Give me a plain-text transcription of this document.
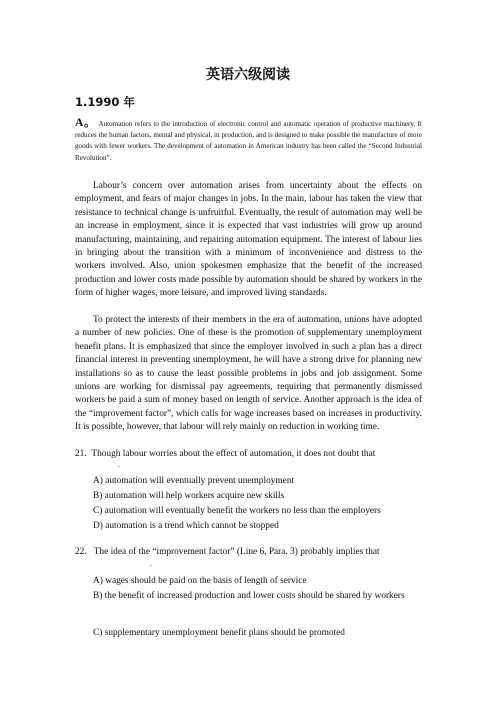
英语六级阅读
1.1990 年
A。 Automation refers to the introduction of electronic control and automatic operation of productive machinery. It reduces the human factors, mental and physical, in production, and is designed to make possible the manufacture of more goods with fewer workers. The development of automation in American industry has been called the “Second Industrial Revolution”.
Labour’s concern over automation arises from uncertainty about the effects on employment, and fears of major changes in jobs. In the main, labour has taken the view that resistance to technical change is unfruitful. Eventually, the result of automation may well be an increase in employment, since it is expected that vast industries will grow up around manufacturing, maintaining, and repairing automation equipment. The interest of labour lies in bringing about the transition with a minimum of inconvenience and distress to the workers involved. Also, union spokesmen emphasize that the benefit of the increased production and lower costs made possible by automation should be shared by workers in the form of higher wages, more leisure, and improved living standards.
To protect the interests of their members in the era of automation, unions have adopted a number of new policies. One of these is the promotion of supplementary unemployment benefit plans. It is emphasized that since the employer involved in such a plan has a direct financial interest in preventing unemployment, he will have a strong drive for planning new installations so as to cause the least possible problems in jobs and job assignment. Some unions are working for dismissal pay agreements, requiring that permanently dismissed workers be paid a sum of money based on length of service. Another approach is the idea of the “improvement factor”, which calls for wage increases based on increases in productivity. It is possible, however, that labour will rely mainly on reduction in working time.
21. Though labour worries about the effect of automation, it does not doubt that
.
A) automation will eventually prevent unemployment
B) automation will help workers acquire new skills
C) automation will eventually benefit the workers no less than the employers
D) automation is a trend which cannot be stopped
22. The idea of the “improvement factor” (Line 6, Para. 3) probably implies that
.
A) wages should be paid on the basis of length of service
B) the benefit of increased production and lower costs should be shared by workers
C) supplementary unemployment benefit plans should be promoted
